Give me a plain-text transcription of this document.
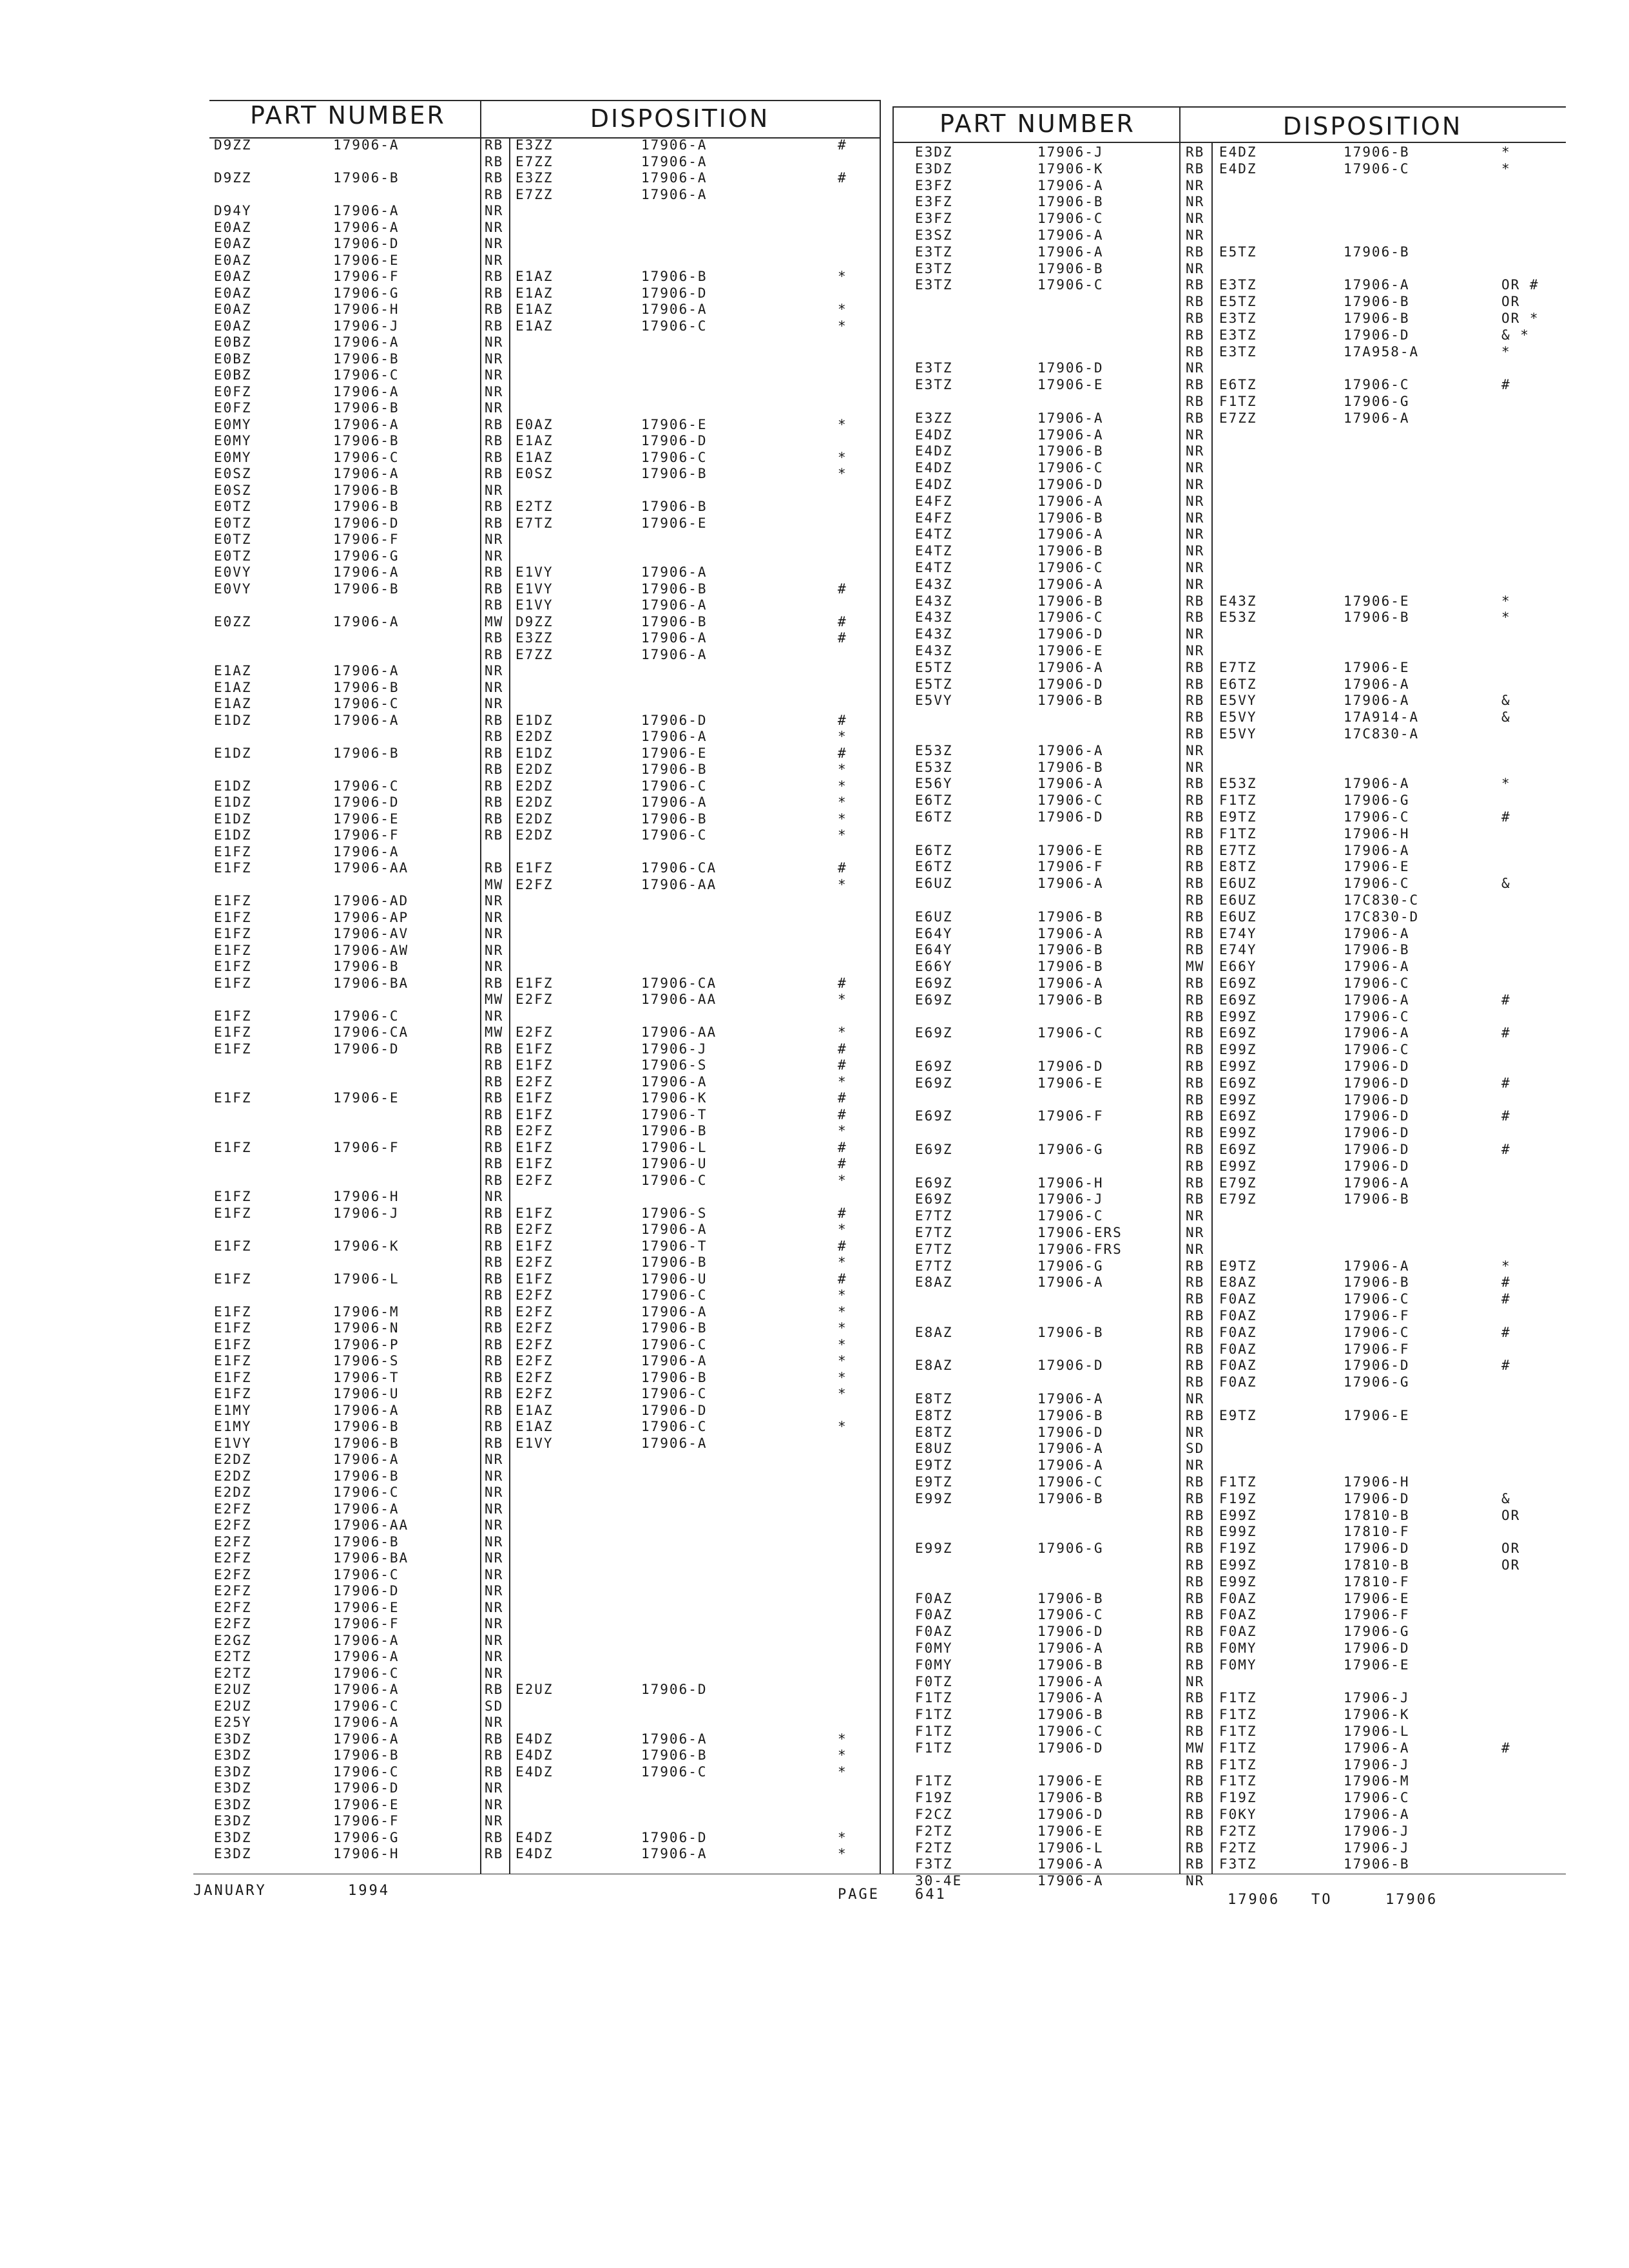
PART NUMBER	DISPOSITION	PART NUMBER	DISPOSITION
D9ZZ	17906-A	RB E3ZZ	17906-A	#
RB E7ZZ	17906-A
D9ZZ	17906-B	RB E3ZZ	17906-A	#
RB E7ZZ	17906-A
D94Y	17906-A	NR
E0AZ	17906-A	NR
E0AZ	17906-D	NR
E0AZ	17906-E	NR
E0AZ	17906-F	RB E1AZ	17906-B	*
E0AZ	17906-G	RB E1AZ	17906-D
E0AZ	17906-H	RB E1AZ	17906-A	*
E0AZ	17906-J	RB E1AZ	17906-C	*
E0BZ	17906-A	NR
E0BZ	17906-B	NR
E0BZ	17906-C	NR
E0FZ	17906-A	NR
E0FZ	17906-B	NR
E0MY	17906-A	RB E0AZ	17906-E	*
E0MY	17906-B	RB E1AZ	17906-D
E0MY	17906-C	RB E1AZ	17906-C	*
E0SZ	17906-A	RB E0SZ	17906-B	*
E0SZ	17906-B	NR
E0TZ	17906-B	RB E2TZ	17906-B
E0TZ	17906-D	RB E7TZ	17906-E
E0TZ	17906-F	NR
E0TZ	17906-G	NR
E0VY	17906-A	RB E1VY	17906-A
E0VY	17906-B	RB E1VY	17906-B	#
RB E1VY	17906-A
E0ZZ	17906-A	MW D9ZZ	17906-B	#
RB E3ZZ	17906-A	#
RB E7ZZ	17906-A
E1AZ	17906-A	NR
E1AZ	17906-B	NR
E1AZ	17906-C	NR
E1DZ	17906-A	RB E1DZ	17906-D	#
RB E2DZ	17906-A	*
E1DZ	17906-B	RB E1DZ	17906-E	#
RB E2DZ	17906-B	*
E1DZ	17906-C	RB E2DZ	17906-C	*
E1DZ	17906-D	RB E2DZ	17906-A	*
E1DZ	17906-E	RB E2DZ	17906-B	*
E1DZ	17906-F	RB E2DZ	17906-C	*
E1FZ	17906-A
E1FZ	17906-AA	RB E1FZ	17906-CA	#
MW E2FZ	17906-AA	*
E1FZ	17906-AD	NR
E1FZ	17906-AP	NR
E1FZ	17906-AV	NR
E1FZ	17906-AW	NR
E1FZ	17906-B	NR
E1FZ	17906-BA	RB E1FZ	17906-CA	#
MW E2FZ	17906-AA	*
E1FZ	17906-C	NR
E1FZ	17906-CA	MW E2FZ	17906-AA	*
E1FZ	17906-D	RB E1FZ	17906-J	#
RB E1FZ	17906-S	#
RB E2FZ	17906-A	*
E1FZ	17906-E	RB E1FZ	17906-K	#
RB E1FZ	17906-T	#
RB E2FZ	17906-B	*
E1FZ	17906-F	RB E1FZ	17906-L	#
RB E1FZ	17906-U	#
RB E2FZ	17906-C	*
E1FZ	17906-H	NR
E1FZ	17906-J	RB E1FZ	17906-S	#
RB E2FZ	17906-A	*
E1FZ	17906-K	RB E1FZ	17906-T	#
RB E2FZ	17906-B	*
E1FZ	17906-L	RB E1FZ	17906-U	#
RB E2FZ	17906-C	*
E1FZ	17906-M	RB E2FZ	17906-A	*
E1FZ	17906-N	RB E2FZ	17906-B	*
E1FZ	17906-P	RB E2FZ	17906-C	*
E1FZ	17906-S	RB E2FZ	17906-A	*
E1FZ	17906-T	RB E2FZ	17906-B	*
E1FZ	17906-U	RB E2FZ	17906-C	*
E1MY	17906-A	RB E1AZ	17906-D
E1MY	17906-B	RB E1AZ	17906-C	*
E1VY	17906-B	RB E1VY	17906-A
E2DZ	17906-A	NR
E2DZ	17906-B	NR
E2DZ	17906-C	NR
E2FZ	17906-A	NR
E2FZ	17906-AA	NR
E2FZ	17906-B	NR
E2FZ	17906-BA	NR
E2FZ	17906-C	NR
E2FZ	17906-D	NR
E2FZ	17906-E	NR
E2FZ	17906-F	NR
E2GZ	17906-A	NR
E2TZ	17906-A	NR
E2TZ	17906-C	NR
E2UZ	17906-A	RB E2UZ	17906-D
E2UZ	17906-C	SD
E25Y	17906-A	NR
E3DZ	17906-A	RB E4DZ	17906-A	*
E3DZ	17906-B	RB E4DZ	17906-B	*
E3DZ	17906-C	RB E4DZ	17906-C	*
E3DZ	17906-D	NR
E3DZ	17906-E	NR
E3DZ	17906-F	NR
E3DZ	17906-G	RB E4DZ	17906-D	*
E3DZ	17906-H	RB E4DZ	17906-A	*
E3DZ	17906-J	RB E4DZ	17906-B	*
E3DZ	17906-K	RB E4DZ	17906-C	*
E3FZ	17906-A	NR
E3FZ	17906-B	NR
E3FZ	17906-C	NR
E3SZ	17906-A	NR
E3TZ	17906-A	RB E5TZ	17906-B
E3TZ	17906-B	NR
E3TZ	17906-C	RB E3TZ	17906-A	OR #
RB E5TZ	17906-B	OR
RB E3TZ	17906-B	OR *
RB E3TZ	17906-D	& *
RB E3TZ	17A958-A	*
E3TZ	17906-D	NR
E3TZ	17906-E	RB E6TZ	17906-C	#
RB F1TZ	17906-G
E3ZZ	17906-A	RB E7ZZ	17906-A
E4DZ	17906-A	NR
E4DZ	17906-B	NR
E4DZ	17906-C	NR
E4DZ	17906-D	NR
E4FZ	17906-A	NR
E4FZ	17906-B	NR
E4TZ	17906-A	NR
E4TZ	17906-B	NR
E4TZ	17906-C	NR
E43Z	17906-A	NR
E43Z	17906-B	RB E43Z	17906-E	*
E43Z	17906-C	RB E53Z	17906-B	*
E43Z	17906-D	NR
E43Z	17906-E	NR
E5TZ	17906-A	RB E7TZ	17906-E
E5TZ	17906-D	RB E6TZ	17906-A
E5VY	17906-B	RB E5VY	17906-A	&
RB E5VY	17A914-A	&
RB E5VY	17C830-A
E53Z	17906-A	NR
E53Z	17906-B	NR
E56Y	17906-A	RB E53Z	17906-A	*
E6TZ	17906-C	RB F1TZ	17906-G
E6TZ	17906-D	RB E9TZ	17906-C	#
RB F1TZ	17906-H
E6TZ	17906-E	RB E7TZ	17906-A
E6TZ	17906-F	RB E8TZ	17906-E
E6UZ	17906-A	RB E6UZ	17906-C	&
RB E6UZ	17C830-C
E6UZ	17906-B	RB E6UZ	17C830-D
E64Y	17906-A	RB E74Y	17906-A
E64Y	17906-B	RB E74Y	17906-B
E66Y	17906-B	MW E66Y	17906-A
E69Z	17906-A	RB E69Z	17906-C
E69Z	17906-B	RB E69Z	17906-A	#
RB E99Z	17906-C
E69Z	17906-C	RB E69Z	17906-A	#
RB E99Z	17906-C
E69Z	17906-D	RB E99Z	17906-D
E69Z	17906-E	RB E69Z	17906-D	#
RB E99Z	17906-D
E69Z	17906-F	RB E69Z	17906-D	#
RB E99Z	17906-D
E69Z	17906-G	RB E69Z	17906-D	#
RB E99Z	17906-D
E69Z	17906-H	RB E79Z	17906-A
E69Z	17906-J	RB E79Z	17906-B
E7TZ	17906-C	NR
E7TZ	17906-ERS	NR
E7TZ	17906-FRS	NR
E7TZ	17906-G	RB E9TZ	17906-A	*
E8AZ	17906-A	RB E8AZ	17906-B	#
RB F0AZ	17906-C	#
RB F0AZ	17906-F
E8AZ	17906-B	RB F0AZ	17906-C	#
RB F0AZ	17906-F
E8AZ	17906-D	RB F0AZ	17906-D	#
RB F0AZ	17906-G
E8TZ	17906-A	NR
E8TZ	17906-B	RB E9TZ	17906-E
E8TZ	17906-D	NR
E8UZ	17906-A	SD
E9TZ	17906-A	NR
E9TZ	17906-C	RB F1TZ	17906-H
E99Z	17906-B	RB F19Z	17906-D	&
RB E99Z	17810-B	OR
RB E99Z	17810-F
E99Z	17906-G	RB F19Z	17906-D	OR
RB E99Z	17810-B	OR
RB E99Z	17810-F
F0AZ	17906-B	RB F0AZ	17906-E
F0AZ	17906-C	RB F0AZ	17906-F
F0AZ	17906-D	RB F0AZ	17906-G
F0MY	17906-A	RB F0MY	17906-D
F0MY	17906-B	RB F0MY	17906-E
F0TZ	17906-A	NR
F1TZ	17906-A	RB F1TZ	17906-J
F1TZ	17906-B	RB F1TZ	17906-K
F1TZ	17906-C	RB F1TZ	17906-L
F1TZ	17906-D	MW F1TZ	17906-A	#
RB F1TZ	17906-J
F1TZ	17906-E	RB F1TZ	17906-M
F19Z	17906-B	RB F19Z	17906-C
F2CZ	17906-D	RB F0KY	17906-A
F2TZ	17906-E	RB F2TZ	17906-J
F2TZ	17906-L	RB F2TZ	17906-J
F3TZ	17906-A	RB F3TZ	17906-B
30-4E	17906-A	NR
JANUARY	1994	PAGE	641	17906 TO	17906
